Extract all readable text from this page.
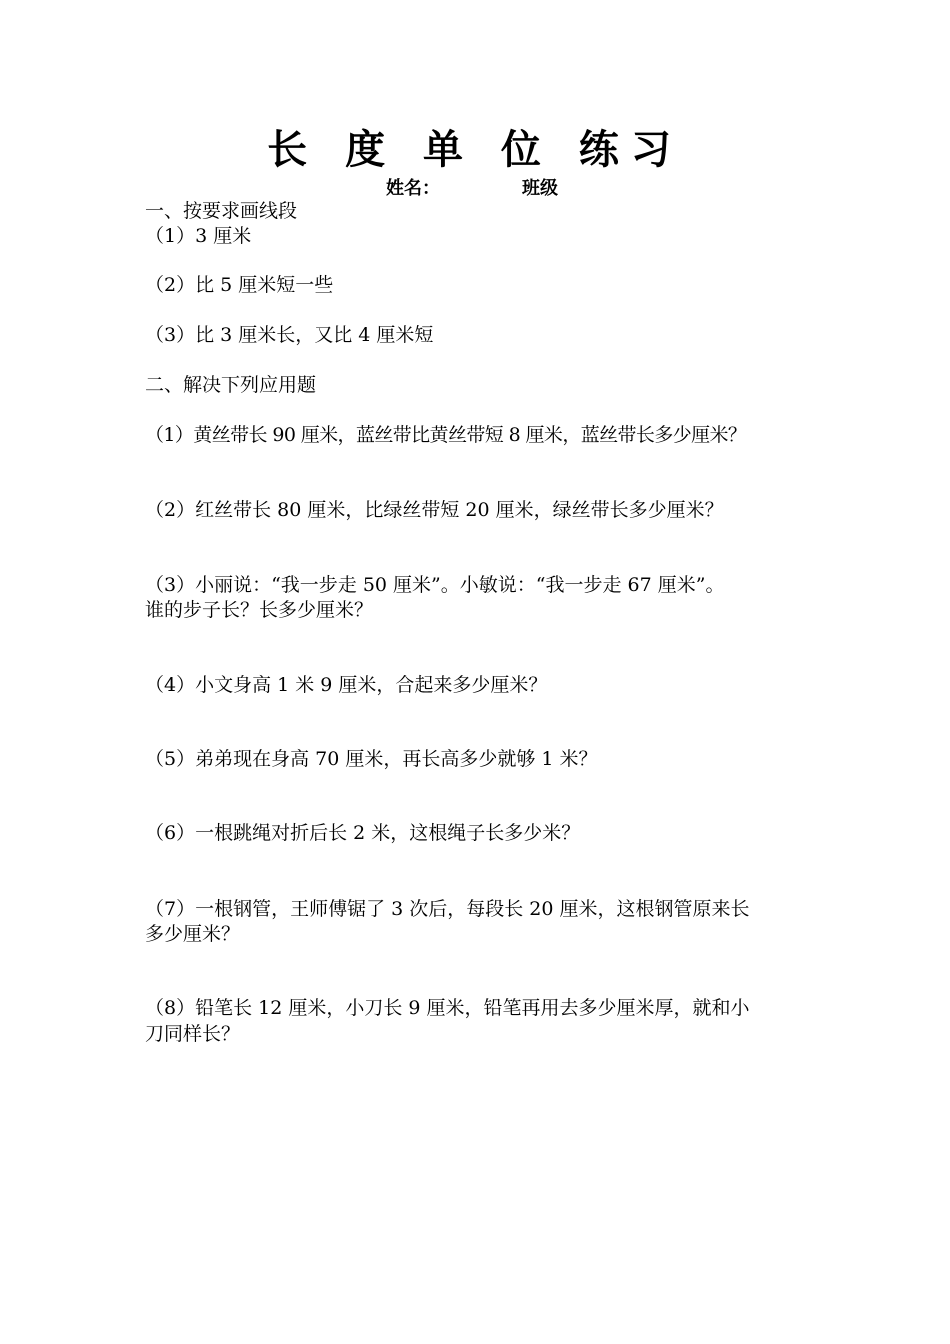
长 度 单 位 练习
姓名：	班级
一、按要求画线段
（1）3 厘米
（2）比 5 厘米短一些
（3）比 3 厘米长，又比 4 厘米短
二、解决下列应用题
（1）黄丝带长 90 厘米，蓝丝带比黄丝带短 8 厘米，蓝丝带长多少厘米？
（2）红丝带长 80 厘米，比绿丝带短 20 厘米，绿丝带长多少厘米？
（3）小丽说：“我一步走 50 厘米”。小敏说：“我一步走 67 厘米”。
谁的步子长？长多少厘米？
（4）小文身高 1 米 9 厘米，合起来多少厘米？
（5）弟弟现在身高 70 厘米，再长高多少就够 1 米？
（6）一根跳绳对折后长 2 米，这根绳子长多少米？
（7）一根钢管，王师傅锯了 3 次后，每段长 20 厘米，这根钢管原来长
多少厘米？
（8）铅笔长 12 厘米，小刀长 9 厘米，铅笔再用去多少厘米厚，就和小
刀同样长？
